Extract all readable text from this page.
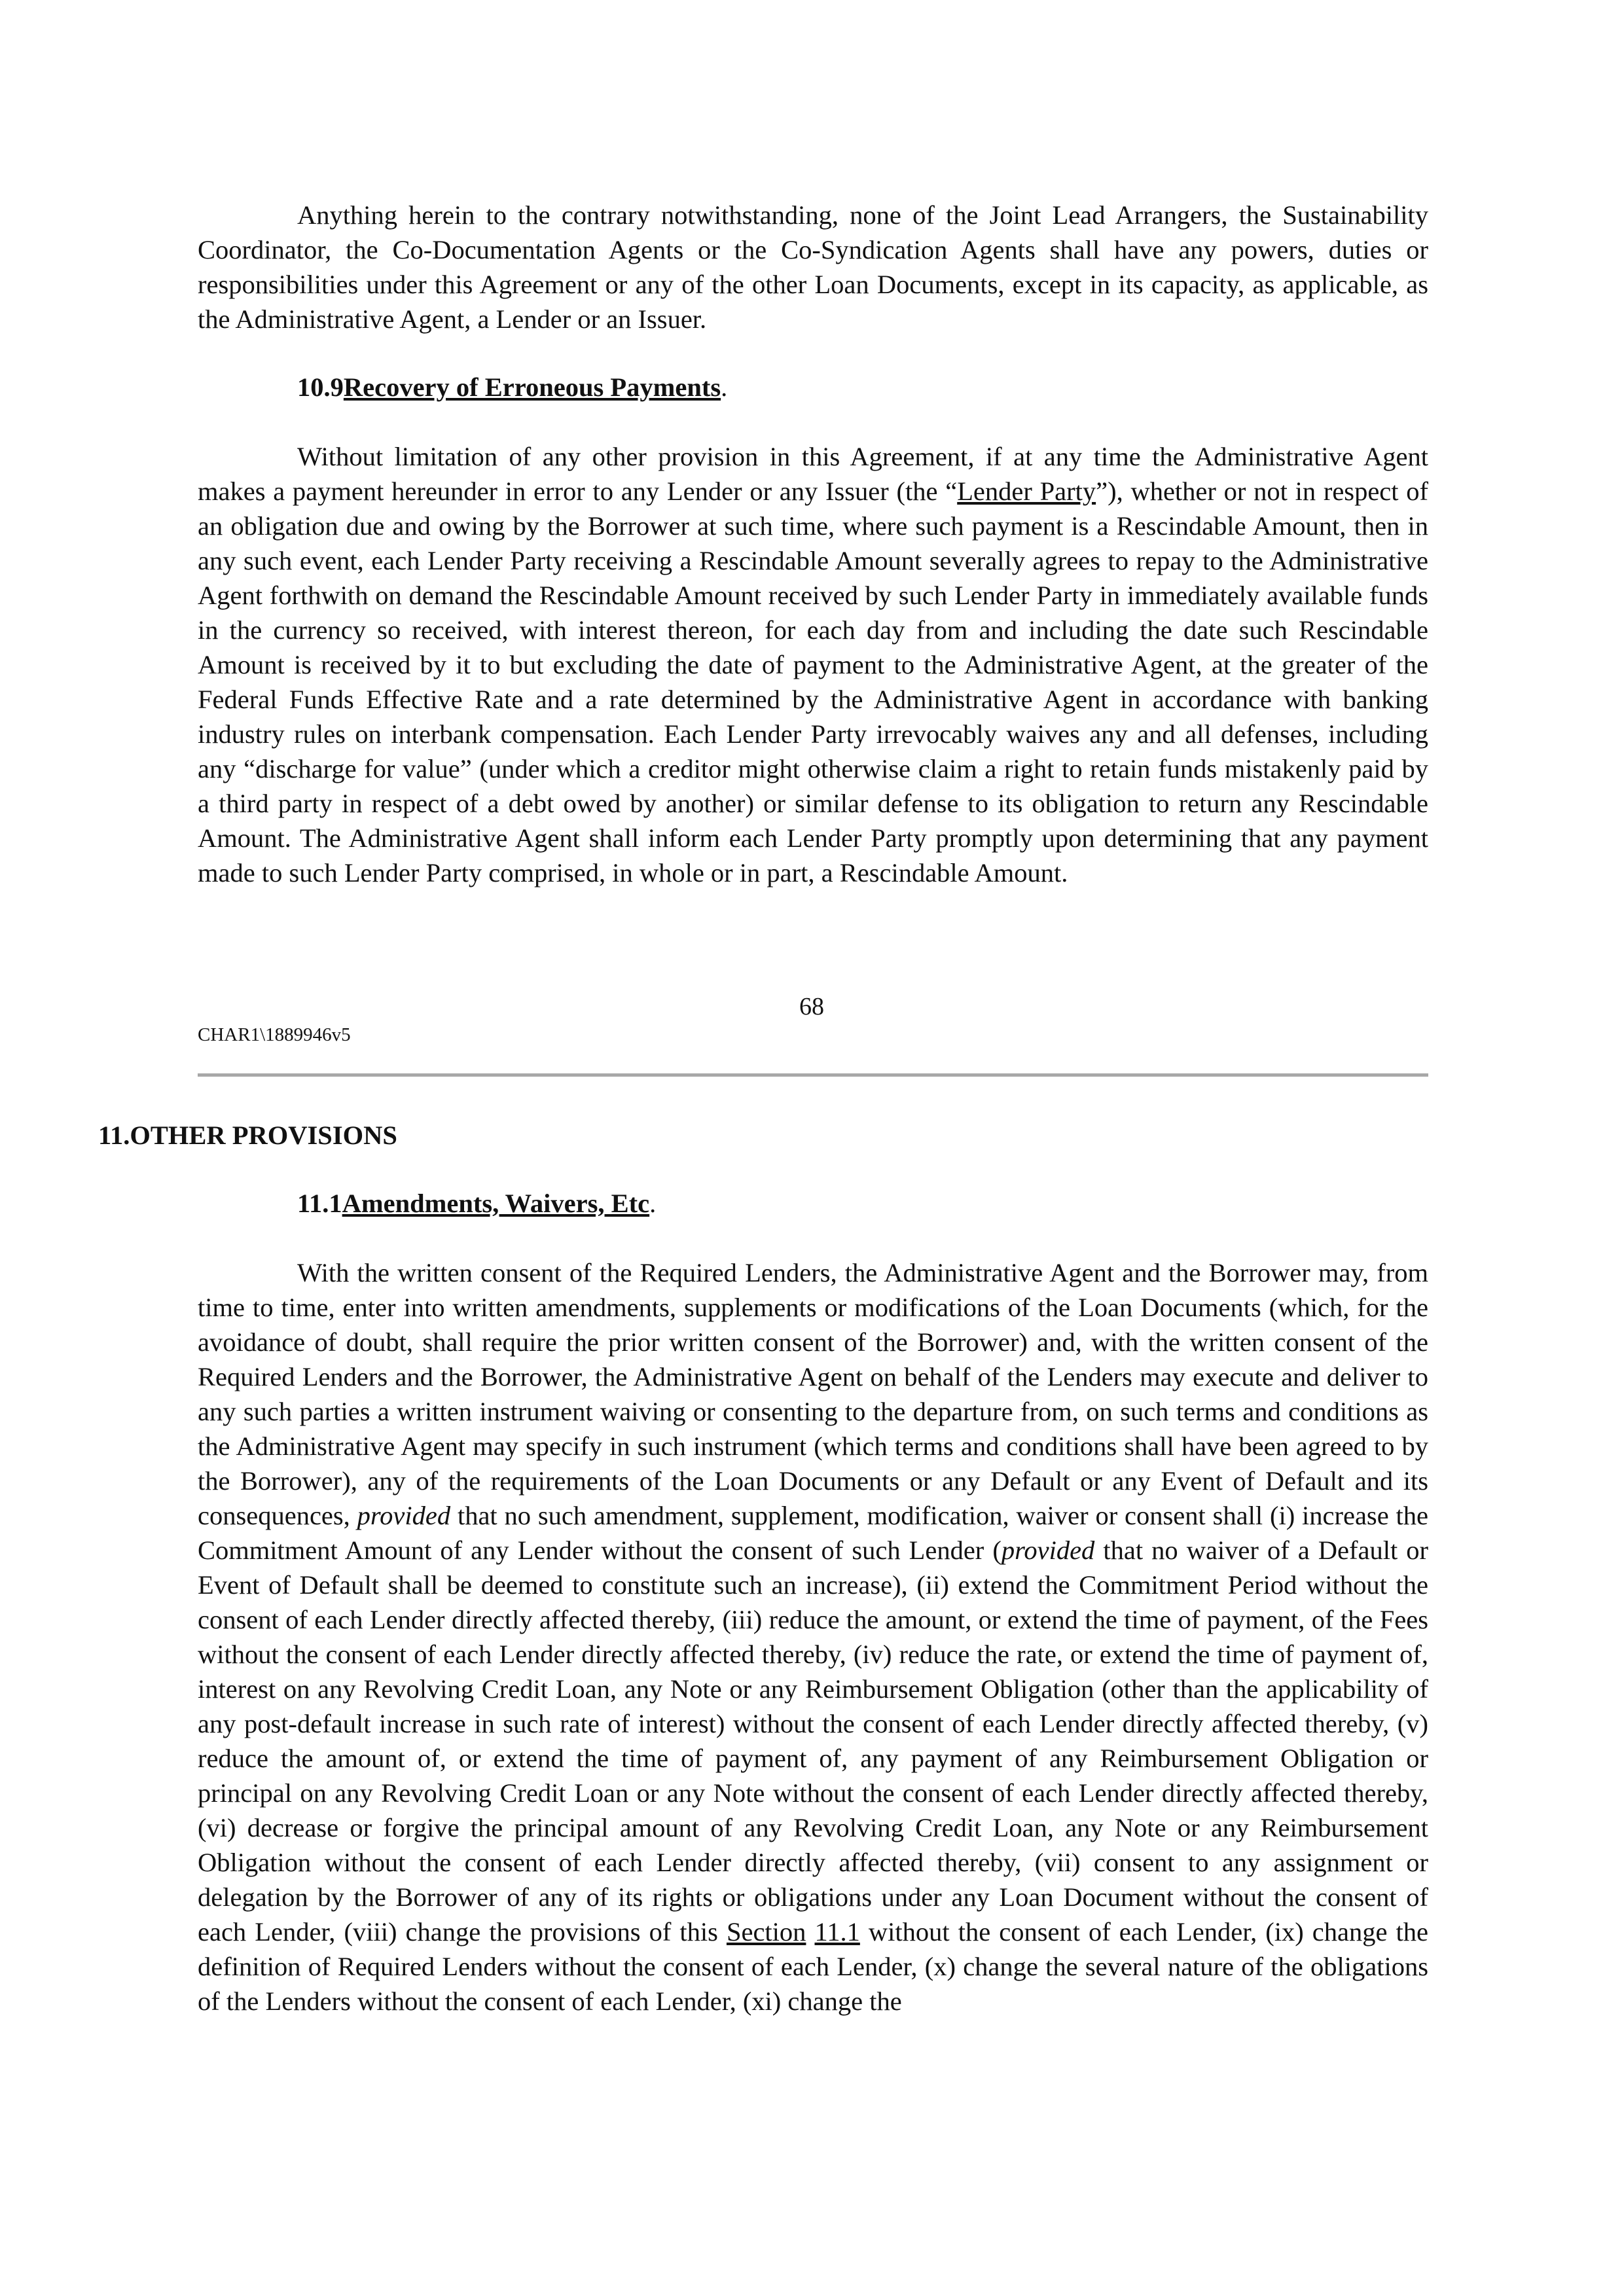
Anything herein to the contrary notwithstanding, none of the Joint Lead Arrangers, the Sustainability Coordinator, the Co-Documentation Agents or the Co-Syndication Agents shall have any powers, duties or responsibilities under this Agreement or any of the other Loan Documents, except in its capacity, as applicable, as the Administrative Agent, a Lender or an Issuer.

10.9Recovery of Erroneous Payments.

Without limitation of any other provision in this Agreement, if at any time the Administrative Agent makes a payment hereunder in error to any Lender or any Issuer (the “Lender Party”), whether or not in respect of an obligation due and owing by the Borrower at such time, where such payment is a Rescindable Amount, then in any such event, each Lender Party receiving a Rescindable Amount severally agrees to repay to the Administrative Agent forthwith on demand the Rescindable Amount received by such Lender Party in immediately available funds in the currency so received, with interest thereon, for each day from and including the date such Rescindable Amount is received by it to but excluding the date of payment to the Administrative Agent, at the greater of the Federal Funds Effective Rate and a rate determined by the Administrative Agent in accordance with banking industry rules on interbank compensation. Each Lender Party irrevocably waives any and all defenses, including any “discharge for value” (under which a creditor might otherwise claim a right to retain funds mistakenly paid by a third party in respect of a debt owed by another) or similar defense to its obligation to return any Rescindable Amount. The Administrative Agent shall inform each Lender Party promptly upon determining that any payment made to such Lender Party comprised, in whole or in part, a Rescindable Amount.

68
CHAR1\1889946v5

11.OTHER PROVISIONS

11.1Amendments, Waivers, Etc.

With the written consent of the Required Lenders, the Administrative Agent and the Borrower may, from time to time, enter into written amendments, supplements or modifications of the Loan Documents (which, for the avoidance of doubt, shall require the prior written consent of the Borrower) and, with the written consent of the Required Lenders and the Borrower, the Administrative Agent on behalf of the Lenders may execute and deliver to any such parties a written instrument waiving or consenting to the departure from, on such terms and conditions as the Administrative Agent may specify in such instrument (which terms and conditions shall have been agreed to by the Borrower), any of the requirements of the Loan Documents or any Default or any Event of Default and its consequences, provided that no such amendment, supplement, modification, waiver or consent shall (i) increase the Commitment Amount of any Lender without the consent of such Lender (provided that no waiver of a Default or Event of Default shall be deemed to constitute such an increase), (ii) extend the Commitment Period without the consent of each Lender directly affected thereby, (iii) reduce the amount, or extend the time of payment, of the Fees without the consent of each Lender directly affected thereby, (iv) reduce the rate, or extend the time of payment of, interest on any Revolving Credit Loan, any Note or any Reimbursement Obligation (other than the applicability of any post-default increase in such rate of interest) without the consent of each Lender directly affected thereby, (v) reduce the amount of, or extend the time of payment of, any payment of any Reimbursement Obligation or principal on any Revolving Credit Loan or any Note without the consent of each Lender directly affected thereby, (vi) decrease or forgive the principal amount of any Revolving Credit Loan, any Note or any Reimbursement Obligation without the consent of each Lender directly affected thereby, (vii) consent to any assignment or delegation by the Borrower of any of its rights or obligations under any Loan Document without the consent of each Lender, (viii) change the provisions of this Section 11.1 without the consent of each Lender, (ix) change the definition of Required Lenders without the consent of each Lender, (x) change the several nature of the obligations of the Lenders without the consent of each Lender, (xi) change the
